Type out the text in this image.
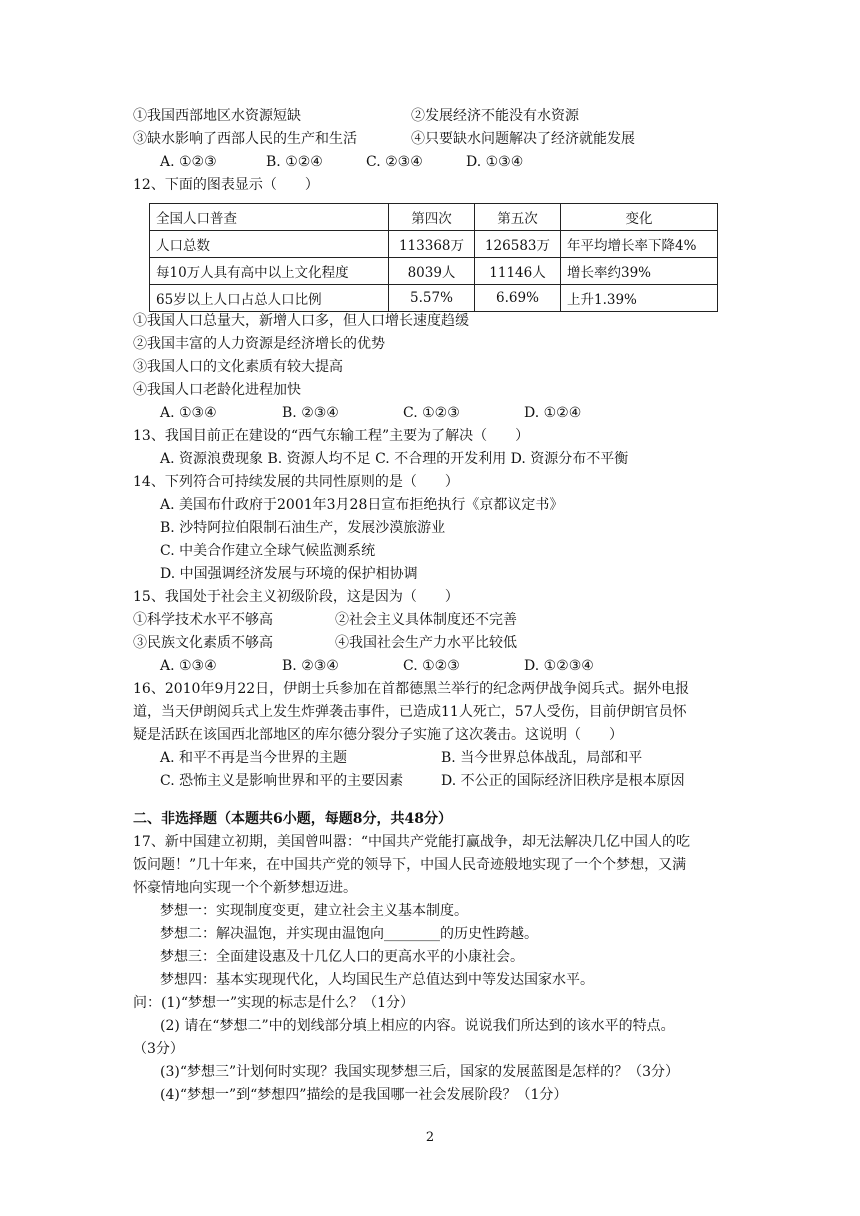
①我国西部地区水资源短缺	②发展经济不能没有水资源
③缺水影响了西部人民的生产和生活	④只要缺水问题解决了经济就能发展
A. ①②③	B. ①②④	C. ②③④	D. ①③④
12、下面的图表显示（　　）
全国人口普查	第四次	第五次	变化
人口总数	113368万	126583万	年平均增长率下降4%
每10万人具有高中以上文化程度	8039人	11146人	增长率约39%
65岁以上人口占总人口比例	5.57%	6.69%	上升1.39%
①我国人口总量大，新增人口多，但人口增长速度趋缓
②我国丰富的人力资源是经济增长的优势
③我国人口的文化素质有较大提高
④我国人口老龄化进程加快
A. ①③④	B. ②③④	C. ①②③	D. ①②④
13、我国目前正在建设的“西气东输工程”主要为了解决（　　）
A. 资源浪费现象 B. 资源人均不足 C. 不合理的开发利用 D. 资源分布不平衡
14、下列符合可持续发展的共同性原则的是（　　）
A. 美国布什政府于2001年3月28日宣布拒绝执行《京都议定书》
B. 沙特阿拉伯限制石油生产，发展沙漠旅游业
C. 中美合作建立全球气候监测系统
D. 中国强调经济发展与环境的保护相协调
15、我国处于社会主义初级阶段，这是因为（　　）
①科学技术水平不够高	②社会主义具体制度还不完善
③民族文化素质不够高	④我国社会生产力水平比较低
A. ①③④	B. ②③④	C. ①②③	D. ①②③④
16、2010年9月22日，伊朗士兵参加在首都德黑兰举行的纪念两伊战争阅兵式。据外电报
道，当天伊朗阅兵式上发生炸弹袭击事件，已造成11人死亡，57人受伤，目前伊朗官员怀
疑是活跃在该国西北部地区的库尔德分裂分子实施了这次袭击。这说明（　　）
A. 和平不再是当今世界的主题	B. 当今世界总体战乱，局部和平
C. 恐怖主义是影响世界和平的主要因素	D. 不公正的国际经济旧秩序是根本原因
二、非选择题（本题共6小题，每题8分，共48分）
17、新中国建立初期，美国曾叫嚣：“中国共产党能打赢战争，却无法解决几亿中国人的吃
饭问题！”几十年来，在中国共产党的领导下，中国人民奇迹般地实现了一个个梦想，又满
怀豪情地向实现一个个新梦想迈进。
梦想一：实现制度变更，建立社会主义基本制度。
梦想二：解决温饱，并实现由温饱向________的历史性跨越。
梦想三：全面建设惠及十几亿人口的更高水平的小康社会。
梦想四：基本实现现代化，人均国民生产总值达到中等发达国家水平。
问：(1)“梦想一”实现的标志是什么？（1分）
(2) 请在“梦想二”中的划线部分填上相应的内容。说说我们所达到的该水平的特点。
（3分）
(3)“梦想三”计划何时实现？我国实现梦想三后，国家的发展蓝图是怎样的？（3分）
(4)“梦想一”到“梦想四”描绘的是我国哪一社会发展阶段？（1分）
2
